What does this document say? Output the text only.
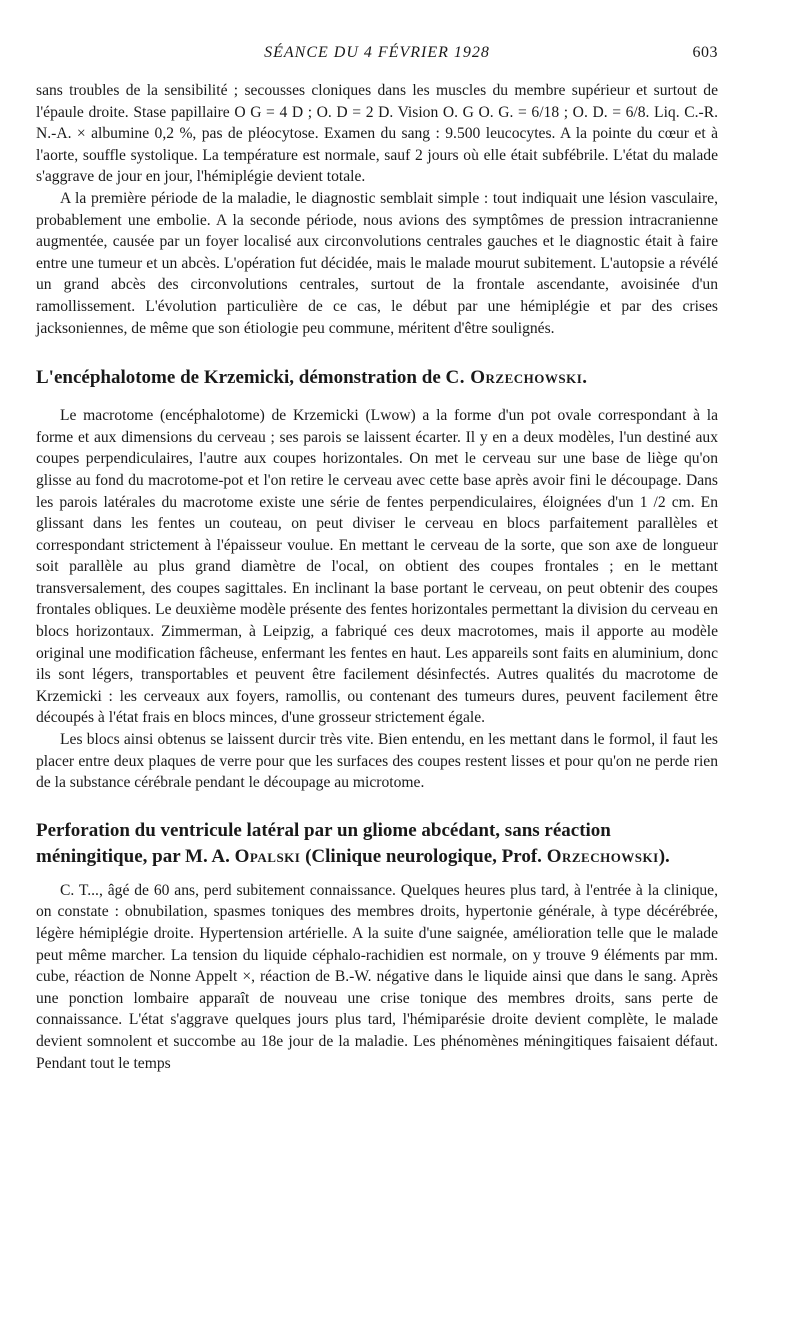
SÉANCE DU 4 FÉVRIER 1928	603

sans troubles de la sensibilité ; secousses cloniques dans les muscles du membre supérieur et surtout de l'épaule droite. Stase papillaire O G = 4 D ; O. D = 2 D. Vision O. G O. G. = 6/18 ; O. D. = 6/8. Liq. C.-R. N.-A. × albumine 0,2 %, pas de pléocytose. Examen du sang : 9.500 leucocytes. A la pointe du cœur et à l'aorte, souffle systolique. La température est normale, sauf 2 jours où elle était subfébrile. L'état du malade s'aggrave de jour en jour, l'hémiplégie devient totale.

A la première période de la maladie, le diagnostic semblait simple : tout indiquait une lésion vasculaire, probablement une embolie. A la seconde période, nous avions des symptômes de pression intracranienne augmentée, causée par un foyer localisé aux circonvolutions centrales gauches et le diagnostic était à faire entre une tumeur et un abcès. L'opération fut décidée, mais le malade mourut subitement. L'autopsie a révélé un grand abcès des circonvolutions centrales, surtout de la frontale ascendante, avoisinée d'un ramollissement. L'évolution particulière de ce cas, le début par une hémiplégie et par des crises jacksoniennes, de même que son étiologie peu commune, méritent d'être soulignés.

L'encéphalotome de Krzemicki, démonstration de C. Orzechowski.

Le macrotome (encéphalotome) de Krzemicki (Lwow) a la forme d'un pot ovale correspondant à la forme et aux dimensions du cerveau ; ses parois se laissent écarter. Il y en a deux modèles, l'un destiné aux coupes perpendiculaires, l'autre aux coupes horizontales. On met le cerveau sur une base de liège qu'on glisse au fond du macrotome-pot et l'on retire le cerveau avec cette base après avoir fini le découpage. Dans les parois latérales du macrotome existe une série de fentes perpendiculaires, éloignées d'un 1 /2 cm. En glissant dans les fentes un couteau, on peut diviser le cerveau en blocs parfaitement parallèles et correspondant strictement à l'épaisseur voulue. En mettant le cerveau de la sorte, que son axe de longueur soit parallèle au plus grand diamètre de l'ocal, on obtient des coupes frontales ; en le mettant transversalement, des coupes sagittales. En inclinant la base portant le cerveau, on peut obtenir des coupes frontales obliques. Le deuxième modèle présente des fentes horizontales permettant la division du cerveau en blocs horizontaux. Zimmerman, à Leipzig, a fabriqué ces deux macrotomes, mais il apporte au modèle original une modification fâcheuse, enfermant les fentes en haut. Les appareils sont faits en aluminium, donc ils sont légers, transportables et peuvent être facilement désinfectés. Autres qualités du macrotome de Krzemicki : les cerveaux aux foyers, ramollis, ou contenant des tumeurs dures, peuvent facilement être découpés à l'état frais en blocs minces, d'une grosseur strictement égale.

Les blocs ainsi obtenus se laissent durcir très vite. Bien entendu, en les mettant dans le formol, il faut les placer entre deux plaques de verre pour que les surfaces des coupes restent lisses et pour qu'on ne perde rien de la substance cérébrale pendant le découpage au microtome.

Perforation du ventricule latéral par un gliome abcédant, sans réaction méningitique, par M. A. Opalski (Clinique neurologique, Prof. Orzechowski).

C. T..., âgé de 60 ans, perd subitement connaissance. Quelques heures plus tard, à l'entrée à la clinique, on constate : obnubilation, spasmes toniques des membres droits, hypertonie générale, à type décérébrée, légère hémiplégie droite. Hypertension artérielle. A la suite d'une saignée, amélioration telle que le malade peut même marcher. La tension du liquide céphalo-rachidien est normale, on y trouve 9 éléments par mm. cube, réaction de Nonne Appelt ×, réaction de B.-W. négative dans le liquide ainsi que dans le sang. Après une ponction lombaire apparaît de nouveau une crise tonique des membres droits, sans perte de connaissance. L'état s'aggrave quelques jours plus tard, l'hémiparésie droite devient complète, le malade devient somnolent et succombe au 18e jour de la maladie. Les phénomènes méningitiques faisaient défaut. Pendant tout le temps
